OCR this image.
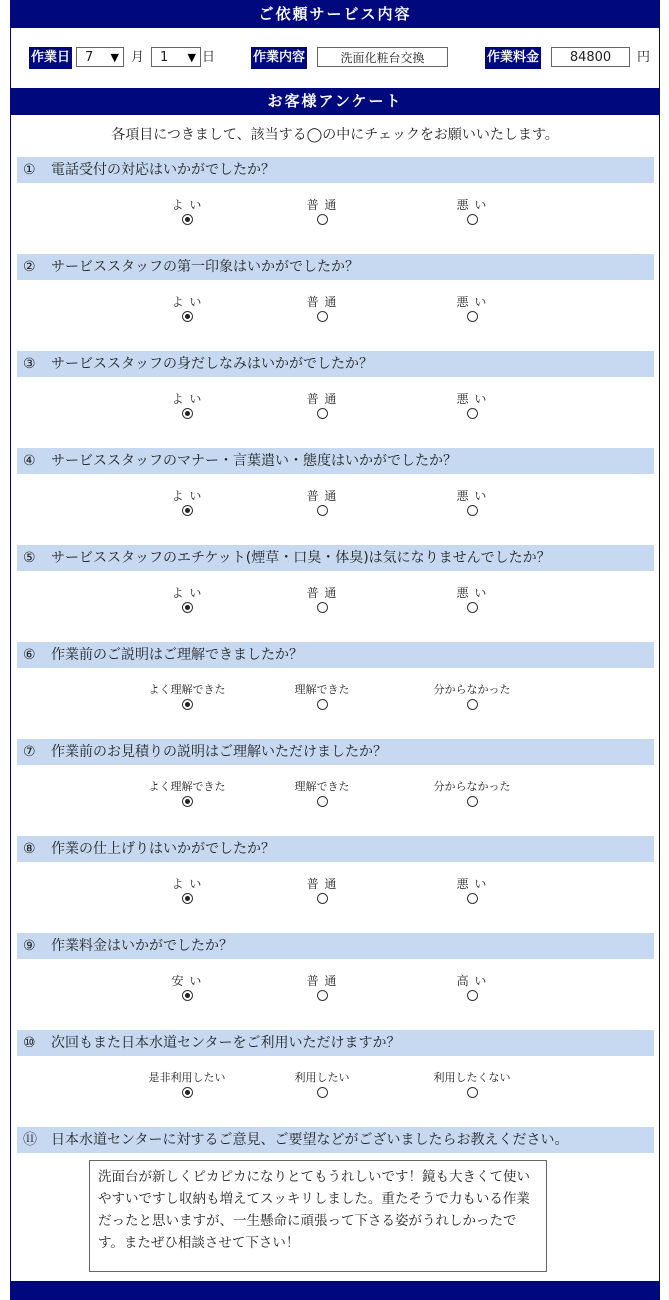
ご依頼サービス内容
作業日	7 ▼ 月	1 ▼ 日	作業内容	洗面化粧台交換	作業料金	84800	円
お客様アンケート
各項目につきまして、該当する◯の中にチェックをお願いいたします。
① 電話受付の対応はいかがでしたか？
よ い	普 通	悪 い
② サービススタッフの第一印象はいかがでしたか？
よ い	普 通	悪 い
③ サービススタッフの身だしなみはいかがでしたか？
よ い	普 通	悪 い
④ サービススタッフのマナー・言葉遣い・態度はいかがでしたか？
よ い	普 通	悪 い
⑤ サービススタッフのエチケット(煙草・口臭・体臭)は気になりませんでしたか？
よ い	普 通	悪 い
⑥ 作業前のご説明はご理解できましたか？
よく理解できた	理解できた	分からなかった
⑦ 作業前のお見積りの説明はご理解いただけましたか？
よく理解できた	理解できた	分からなかった
⑧ 作業の仕上げりはいかがでしたか？
よ い	普 通	悪 い
⑨ 作業料金はいかがでしたか？
安 い	普 通	高 い
⑩ 次回もまた日本水道センターをご利用いただけますか？
是非利用したい	利用したい	利用したくない
⑪ 日本水道センターに対するご意見、ご要望などがございましたらお教えください。
洗面台が新しくピカピカになりとてもうれしいです！鏡も大きくて使いやすいですし収納も増えてスッキリしました。重たそうで力もいる作業だったと思いますが、一生懸命に頑張って下さる姿がうれしかったです。またぜひ相談させて下さい！
